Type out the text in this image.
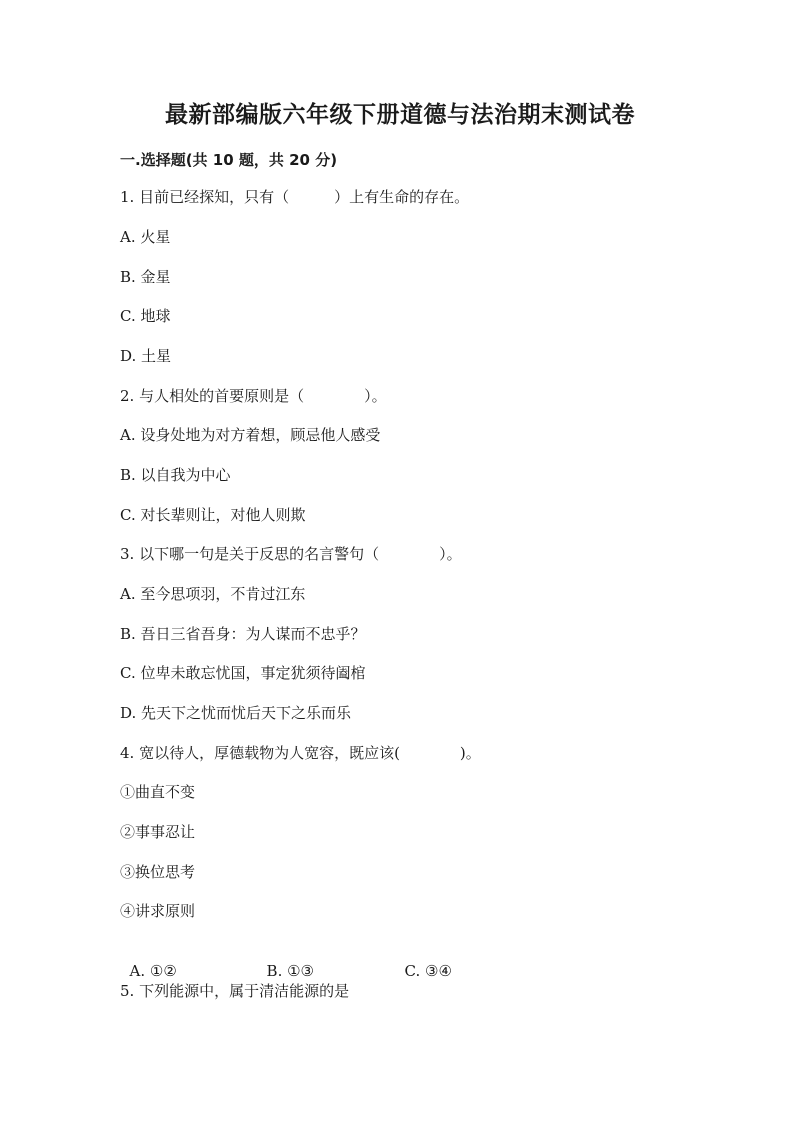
最新部编版六年级下册道德与法治期末测试卷
一.选择题(共 10 题，共 20 分)
1. 目前已经探知，只有（　　　）上有生命的存在。
A. 火星
B. 金星
C. 地球
D. 土星
2. 与人相处的首要原则是（　　　　）。
A. 设身处地为对方着想，顾忌他人感受
B. 以自我为中心
C. 对长辈则让，对他人则欺
3. 以下哪一句是关于反思的名言警句（　　　　）。
A. 至今思项羽，不肯过江东
B. 吾日三省吾身：为人谋而不忠乎？
C. 位卑未敢忘忧国，事定犹须待阖棺
D. 先天下之忧而忧后天下之乐而乐
4. 宽以待人，厚德载物为人宽容，既应该(　　　　)。
①曲直不变
②事事忍让
③换位思考
④讲求原则

A. ①②	B. ①③	C. ③④

5. 下列能源中，属于清洁能源的是
